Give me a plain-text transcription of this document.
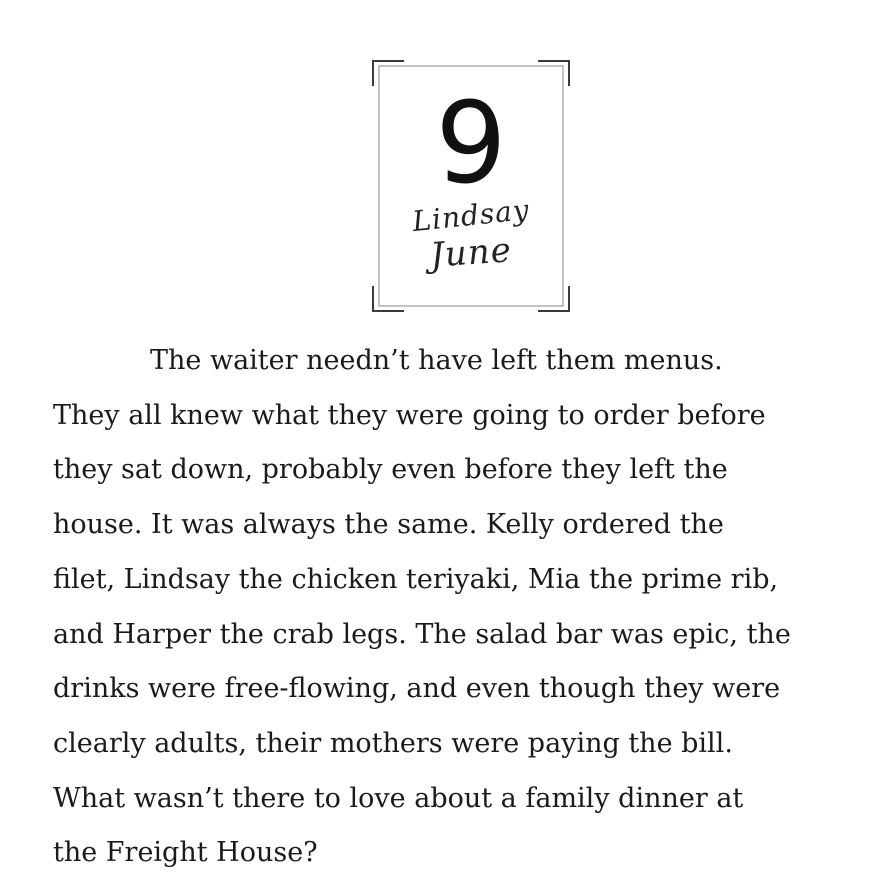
9
Lindsay
June
The waiter needn’t have left them menus.
They all knew what they were going to order before
they sat down, probably even before they left the
house. It was always the same. Kelly ordered the
filet, Lindsay the chicken teriyaki, Mia the prime rib,
and Harper the crab legs. The salad bar was epic, the
drinks were free-flowing, and even though they were
clearly adults, their mothers were paying the bill.
What wasn’t there to love about a family dinner at
the Freight House?
